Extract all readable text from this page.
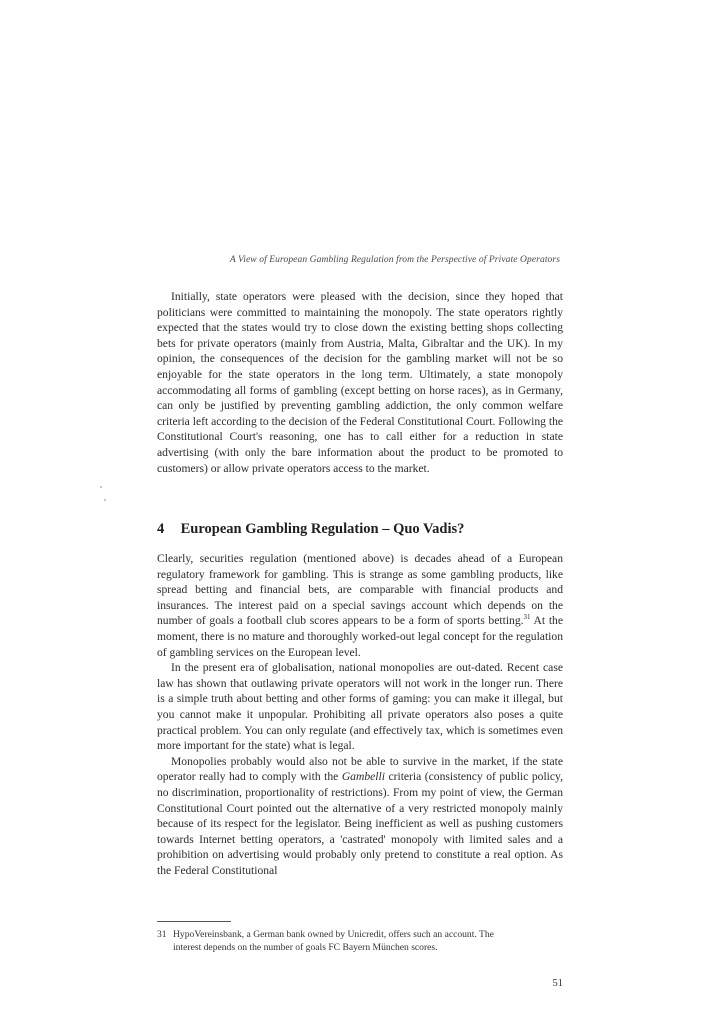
A View of European Gambling Regulation from the Perspective of Private Operators

Initially, state operators were pleased with the decision, since they hoped that politicians were committed to maintaining the monopoly. The state operators rightly expected that the states would try to close down the existing betting shops collecting bets for private operators (mainly from Austria, Malta, Gibraltar and the UK). In my opinion, the consequences of the decision for the gambling market will not be so enjoyable for the state operators in the long term. Ultimately, a state monopoly accommodating all forms of gambling (except betting on horse races), as in Germany, can only be justified by preventing gambling addiction, the only common welfare criteria left according to the decision of the Federal Constitutional Court. Following the Constitutional Court's reasoning, one has to call either for a reduction in state advertising (with only the bare information about the product to be promoted to customers) or allow private operators access to the market.

4 European Gambling Regulation – Quo Vadis?

Clearly, securities regulation (mentioned above) is decades ahead of a European regulatory framework for gambling. This is strange as some gambling products, like spread betting and financial bets, are comparable with financial products and insurances. The interest paid on a special savings account which depends on the number of goals a football club scores appears to be a form of sports betting.$^{31}$ At the moment, there is no mature and thoroughly worked-out legal concept for the regulation of gambling services on the European level.

In the present era of globalisation, national monopolies are out-dated. Recent case law has shown that outlawing private operators will not work in the longer run. There is a simple truth about betting and other forms of gaming: you can make it illegal, but you cannot make it unpopular. Prohibiting all private operators also poses a quite practical problem. You can only regulate (and effectively tax, which is sometimes even more important for the state) what is legal.

Monopolies probably would also not be able to survive in the market, if the state operator really had to comply with the Gambelli criteria (consistency of public policy, no discrimination, proportionality of restrictions). From my point of view, the German Constitutional Court pointed out the alternative of a very restricted monopoly mainly because of its respect for the legislator. Being inefficient as well as pushing customers towards Internet betting operators, a 'castrated' monopoly with limited sales and a prohibition on advertising would probably only pretend to constitute a real option. As the Federal Constitutional

31 HypoVereinsbank, a German bank owned by Unicredit, offers such an account. The
interest depends on the number of goals FC Bayern München scores.
51
